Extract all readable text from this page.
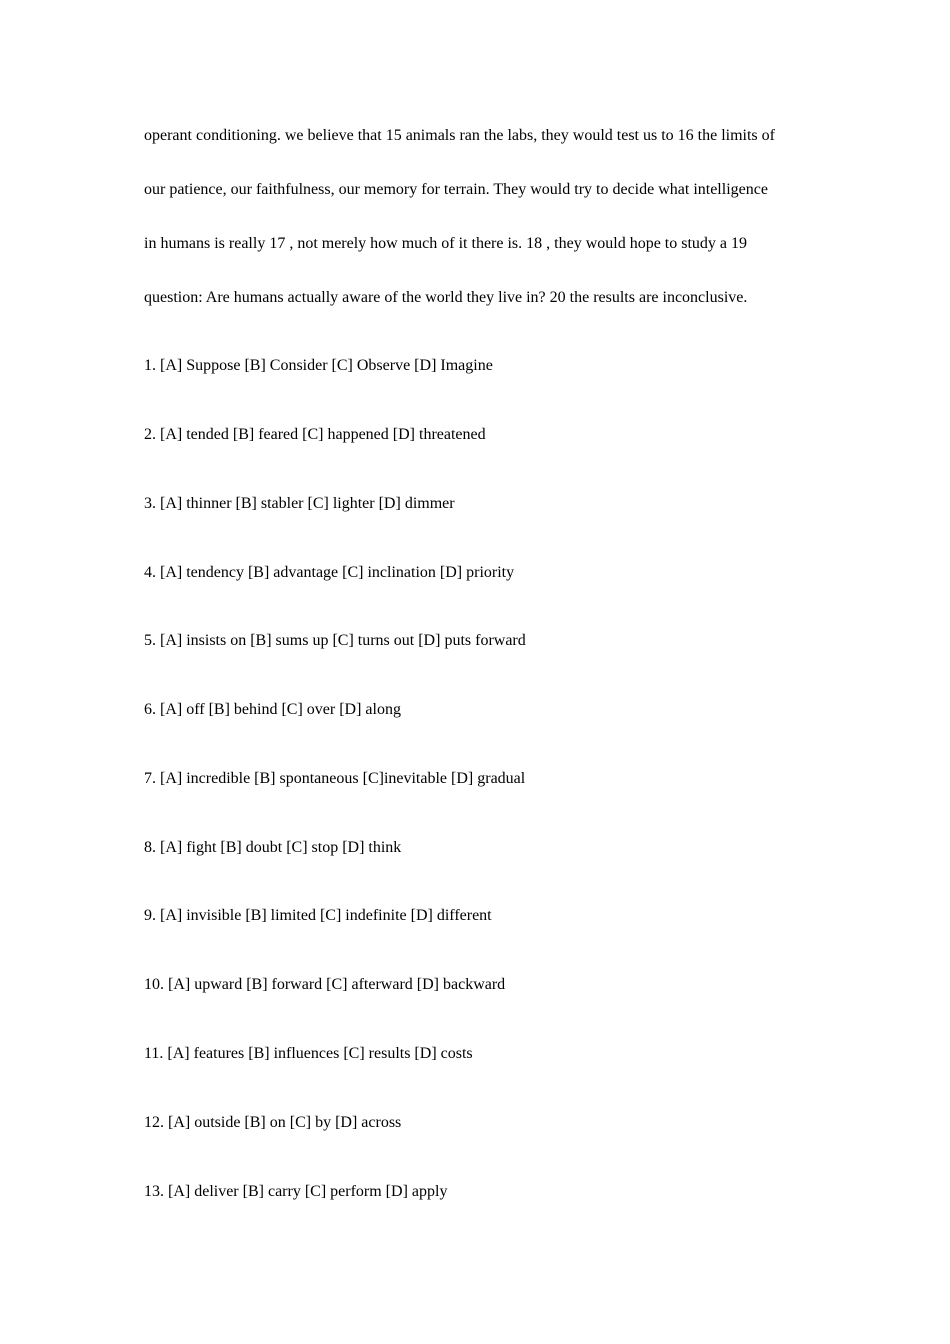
operant conditioning. we believe that 15 animals ran the labs, they would test us to 16 the limits of
our patience, our faithfulness, our memory for terrain. They would try to decide what intelligence
in humans is really 17 , not merely how much of it there is. 18 , they would hope to study a 19
question: Are humans actually aware of the world they live in? 20 the results are inconclusive.
1. [A] Suppose [B] Consider [C] Observe [D] Imagine
2. [A] tended [B] feared [C] happened [D] threatened
3. [A] thinner [B] stabler [C] lighter [D] dimmer
4. [A] tendency [B] advantage [C] inclination [D] priority
5. [A] insists on [B] sums up [C] turns out [D] puts forward
6. [A] off [B] behind [C] over [D] along
7. [A] incredible [B] spontaneous [C]inevitable [D] gradual
8. [A] fight [B] doubt [C] stop [D] think
9. [A] invisible [B] limited [C] indefinite [D] different
10. [A] upward [B] forward [C] afterward [D] backward
11. [A] features [B] influences [C] results [D] costs
12. [A] outside [B] on [C] by [D] across
13. [A] deliver [B] carry [C] perform [D] apply
